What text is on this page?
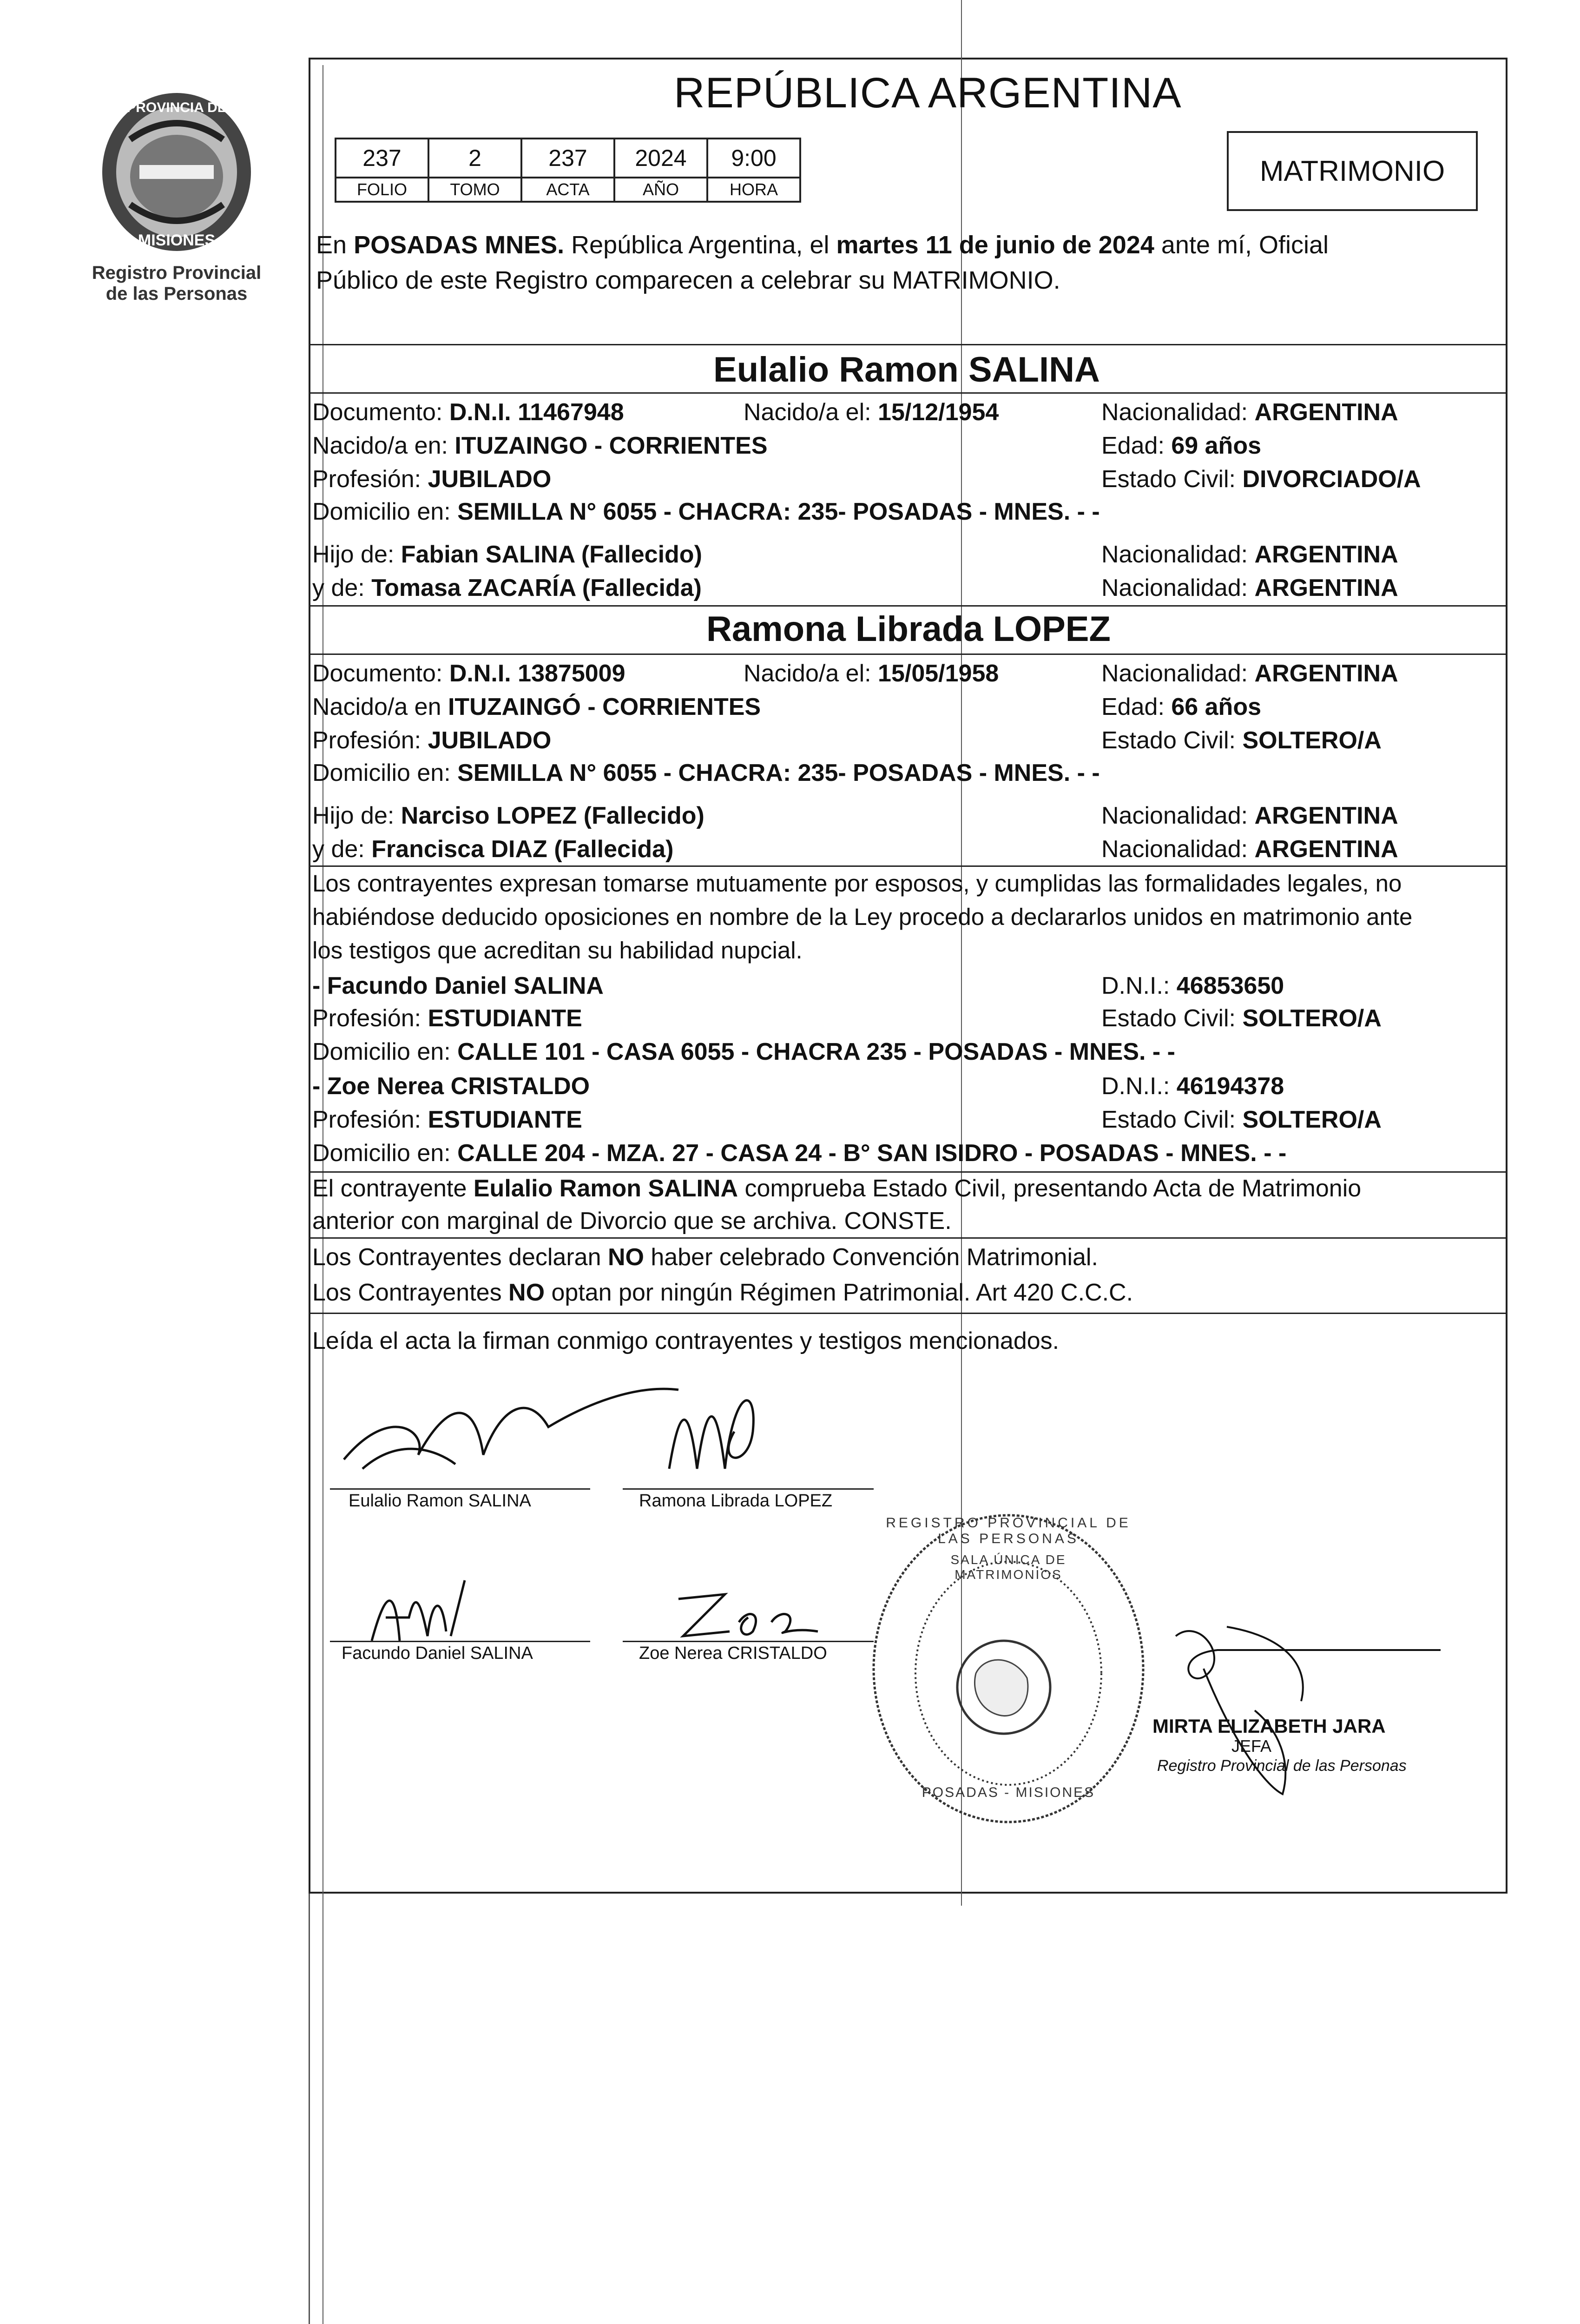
PROVINCIA DE
MISIONES
Registro Provincial
de las Personas
REPÚBLICA ARGENTINA
237	2	237	2024	9:00
FOLIO	TOMO	ACTA	AÑO	HORA
MATRIMONIO
En POSADAS MNES. República Argentina, el martes 11 de junio de 2024 ante mí, Oficial
Público de este Registro comparecen a celebrar su MATRIMONIO.
Eulalio Ramon SALINA
Documento: D.N.I. 11467948	Nacido/a el: 15/12/1954	Nacionalidad: ARGENTINA
Nacido/a en: ITUZAINGO - CORRIENTES	Edad: 69 años
Profesión: JUBILADO	Estado Civil: DIVORCIADO/A
Domicilio en: SEMILLA N° 6055 - CHACRA: 235- POSADAS - MNES. - -
Hijo de: Fabian SALINA (Fallecido)	Nacionalidad: ARGENTINA
y de: Tomasa ZACARÍA (Fallecida)	Nacionalidad: ARGENTINA
Ramona Librada LOPEZ
Documento: D.N.I. 13875009	Nacido/a el: 15/05/1958	Nacionalidad: ARGENTINA
Nacido/a en ITUZAINGÓ - CORRIENTES	Edad: 66 años
Profesión: JUBILADO	Estado Civil: SOLTERO/A
Domicilio en: SEMILLA N° 6055 - CHACRA: 235- POSADAS - MNES. - -
Hijo de: Narciso LOPEZ (Fallecido)	Nacionalidad: ARGENTINA
y de: Francisca DIAZ (Fallecida)	Nacionalidad: ARGENTINA
Los contrayentes expresan tomarse mutuamente por esposos, y cumplidas las formalidades legales, no
habiéndose deducido oposiciones en nombre de la Ley procedo a declararlos unidos en matrimonio ante
los testigos que acreditan su habilidad nupcial.
- Facundo Daniel SALINA	D.N.I.: 46853650
Profesión: ESTUDIANTE	Estado Civil: SOLTERO/A
Domicilio en: CALLE 101 - CASA 6055 - CHACRA 235 - POSADAS - MNES. - -
- Zoe Nerea CRISTALDO	D.N.I.: 46194378
Profesión: ESTUDIANTE	Estado Civil: SOLTERO/A
Domicilio en: CALLE 204 - MZA. 27 - CASA 24 - B° SAN ISIDRO - POSADAS - MNES. - -
El contrayente Eulalio Ramon SALINA comprueba Estado Civil, presentando Acta de Matrimonio
anterior con marginal de Divorcio que se archiva. CONSTE.
Los Contrayentes declaran NO haber celebrado Convención Matrimonial.
Los Contrayentes NO optan por ningún Régimen Patrimonial. Art 420 C.C.C.
Leída el acta la firman conmigo contrayentes y testigos mencionados.
Eulalio Ramon SALINA	Ramona Librada LOPEZ
Facundo Daniel SALINA	Zoe Nerea CRISTALDO
REGISTRO PROVINCIAL DE LAS PERSONAS
SALA ÚNICA DE MATRIMONIOS
POSADAS - MISIONES
MIRTA ELIZABETH JARA
JEFA
Registro Provincial de las Personas
